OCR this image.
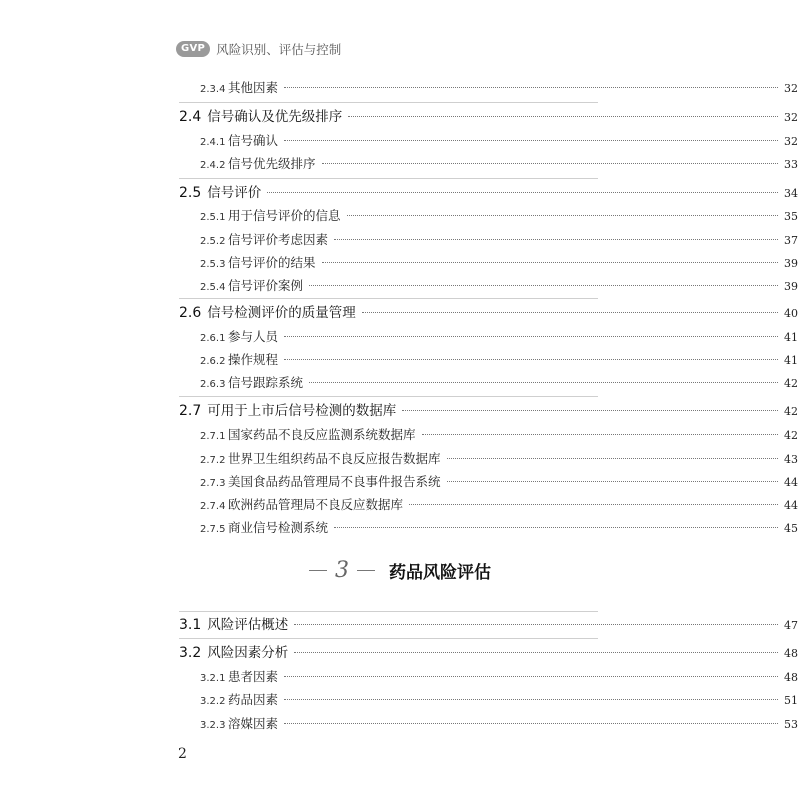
GVP 风险识别、评估与控制
2.3.4 其他因素	32
2.4 信号确认及优先级排序	32
2.4.1 信号确认	32
2.4.2 信号优先级排序	33
2.5 信号评价	34
2.5.1 用于信号评价的信息	35
2.5.2 信号评价考虑因素	37
2.5.3 信号评价的结果	39
2.5.4 信号评价案例	39
2.6 信号检测评价的质量管理	40
2.6.1 参与人员	41
2.6.2 操作规程	41
2.6.3 信号跟踪系统	42
2.7 可用于上市后信号检测的数据库	42
2.7.1 国家药品不良反应监测系统数据库	42
2.7.2 世界卫生组织药品不良反应报告数据库	43
2.7.3 美国食品药品管理局不良事件报告系统	44
2.7.4 欧洲药品管理局不良反应数据库	44
2.7.5 商业信号检测系统	45
3 药品风险评估
3.1 风险评估概述	47
3.2 风险因素分析	48
3.2.1 患者因素	48
3.2.2 药品因素	51
3.2.3 溶媒因素	53
2
